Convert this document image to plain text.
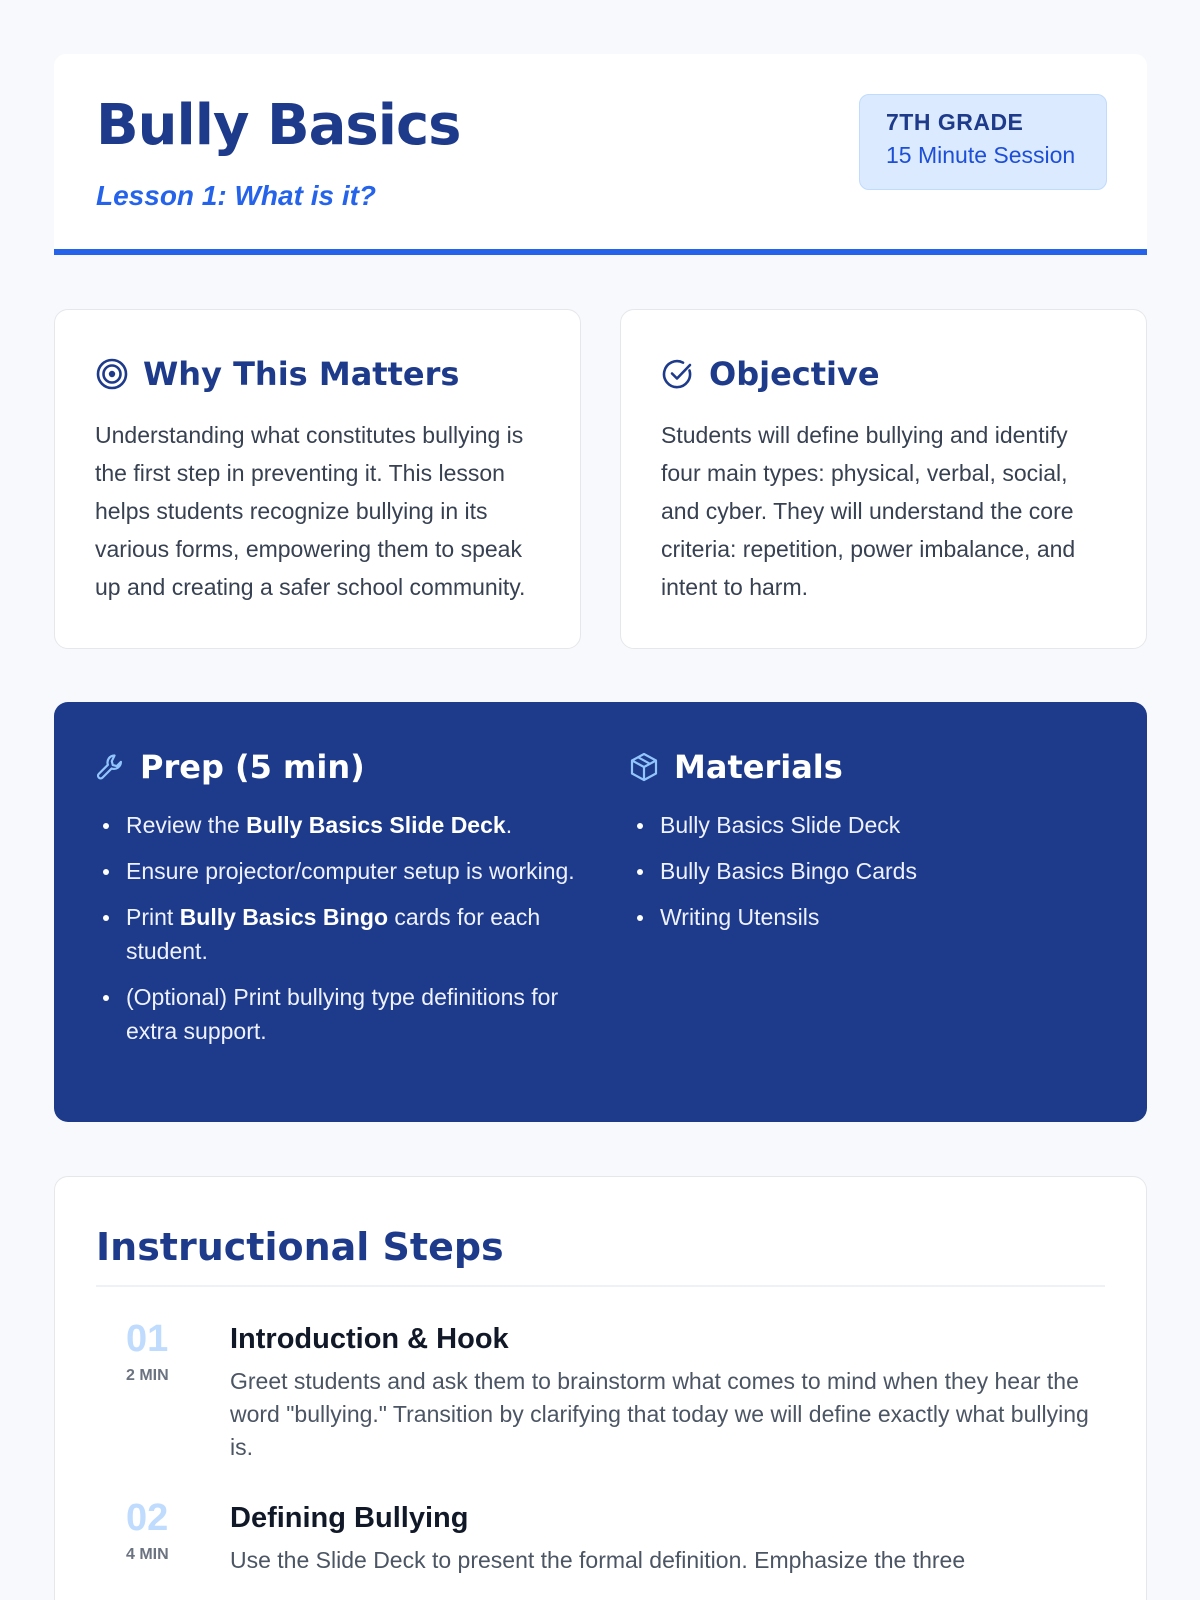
Bully Basics
Lesson 1: What is it?
7TH GRADE
15 Minute Session
Why This Matters

Understanding what constitutes bullying is the first step in preventing it. This lesson helps students recognize bullying in its various forms, empowering them to speak up and creating a safer school community.

Objective

Students will define bullying and identify four main types: physical, verbal, social, and cyber. They will understand the core criteria: repetition, power imbalance, and intent to harm.

Prep (5 min)
Review the Bully Basics Slide Deck.
Ensure projector/computer setup is working.
Print Bully Basics Bingo cards for each student.
(Optional) Print bullying type definitions for extra support.
Materials
Bully Basics Slide Deck
Bully Basics Bingo Cards
Writing Utensils
Instructional Steps
01
2 MIN
Introduction & Hook
Greet students and ask them to brainstorm what comes to mind when they hear the word "bullying." Transition by clarifying that today we will define exactly what bullying is.
02
4 MIN
Defining Bullying
Use the Slide Deck to present the formal definition. Emphasize the three
